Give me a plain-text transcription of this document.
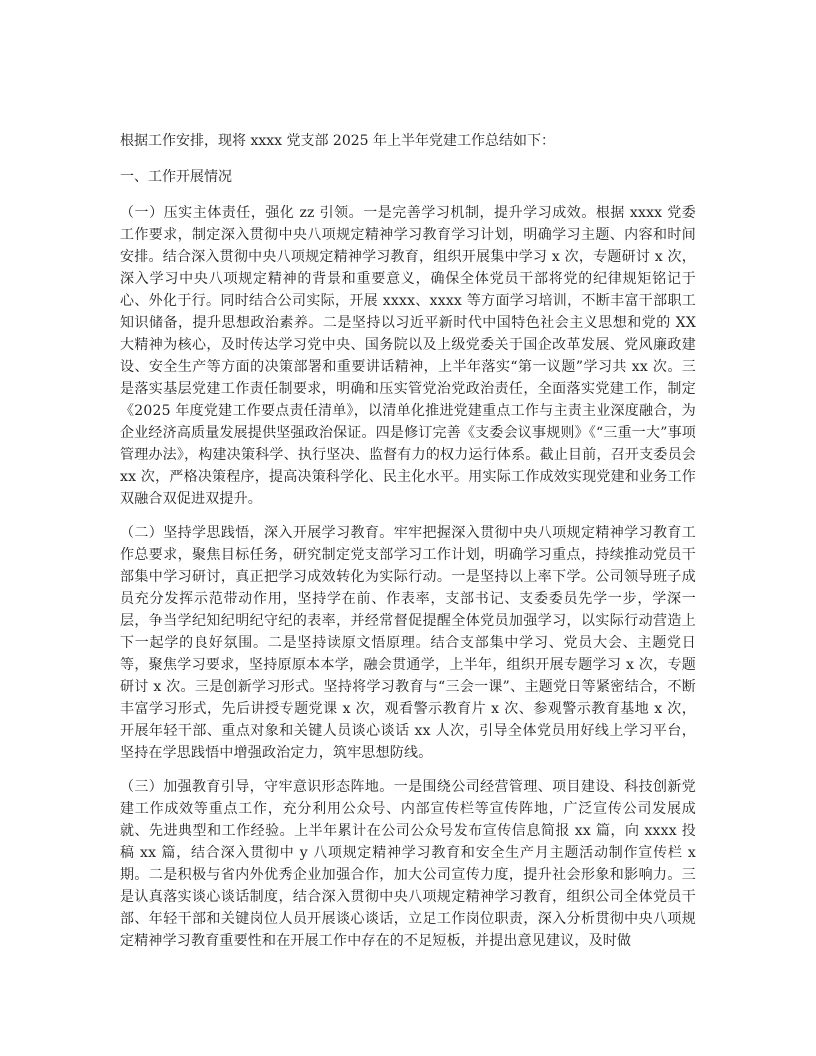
根据工作安排，现将 xxxx 党支部 2025 年上半年党建工作总结如下：

一、工作开展情况

（一）压实主体责任，强化 zz 引领。一是完善学习机制，提升学习成效。根据 xxxx 党委工作要求，制定深入贯彻中央八项规定精神学习教育学习计划，明确学习主题、内容和时间安排。结合深入贯彻中央八项规定精神学习教育，组织开展集中学习 x 次，专题研讨 x 次，深入学习中央八项规定精神的背景和重要意义，确保全体党员干部将党的纪律规矩铭记于心、外化于行。同时结合公司实际，开展 xxxx、xxxx 等方面学习培训，不断丰富干部职工知识储备，提升思想政治素养。二是坚持以习近平新时代中国特色社会主义思想和党的 XX 大精神为核心，及时传达学习党中央、国务院以及上级党委关于国企改革发展、党风廉政建设、安全生产等方面的决策部署和重要讲话精神，上半年落实“第一议题”学习共 xx 次。三是落实基层党建工作责任制要求，明确和压实管党治党政治责任，全面落实党建工作，制定《2025 年度党建工作要点责任清单》，以清单化推进党建重点工作与主责主业深度融合，为企业经济高质量发展提供坚强政治保证。四是修订完善《支委会议事规则》《“三重一大”事项管理办法》，构建决策科学、执行坚决、监督有力的权力运行体系。截止目前，召开支委员会 xx 次，严格决策程序，提高决策科学化、民主化水平。用实际工作成效实现党建和业务工作双融合双促进双提升。

（二）坚持学思践悟，深入开展学习教育。牢牢把握深入贯彻中央八项规定精神学习教育工作总要求，聚焦目标任务，研究制定党支部学习工作计划，明确学习重点，持续推动党员干部集中学习研讨，真正把学习成效转化为实际行动。一是坚持以上率下学。公司领导班子成员充分发挥示范带动作用，坚持学在前、作表率，支部书记、支委委员先学一步，学深一层，争当学纪知纪明纪守纪的表率，并经常督促提醒全体党员加强学习，以实际行动营造上下一起学的良好氛围。二是坚持读原文悟原理。结合支部集中学习、党员大会、主题党日等，聚焦学习要求，坚持原原本本学，融会贯通学，上半年，组织开展专题学习 x 次，专题研讨 x 次。三是创新学习形式。坚持将学习教育与“三会一课”、主题党日等紧密结合，不断丰富学习形式，先后讲授专题党课 x 次，观看警示教育片 x 次、参观警示教育基地 x 次，开展年轻干部、重点对象和关键人员谈心谈话 xx 人次，引导全体党员用好线上学习平台，坚持在学思践悟中增强政治定力，筑牢思想防线。

（三）加强教育引导，守牢意识形态阵地。一是围绕公司经营管理、项目建设、科技创新党建工作成效等重点工作，充分利用公众号、内部宣传栏等宣传阵地，广泛宣传公司发展成就、先进典型和工作经验。上半年累计在公司公众号发布宣传信息简报 xx 篇，向 xxxx 投稿 xx 篇，结合深入贯彻中 y 八项规定精神学习教育和安全生产月主题活动制作宣传栏 x 期。二是积极与省内外优秀企业加强合作，加大公司宣传力度，提升社会形象和影响力。三是认真落实谈心谈话制度，结合深入贯彻中央八项规定精神学习教育，组织公司全体党员干部、年轻干部和关键岗位人员开展谈心谈话，立足工作岗位职责，深入分析贯彻中央八项规定精神学习教育重要性和在开展工作中存在的不足短板，并提出意见建议，及时做
